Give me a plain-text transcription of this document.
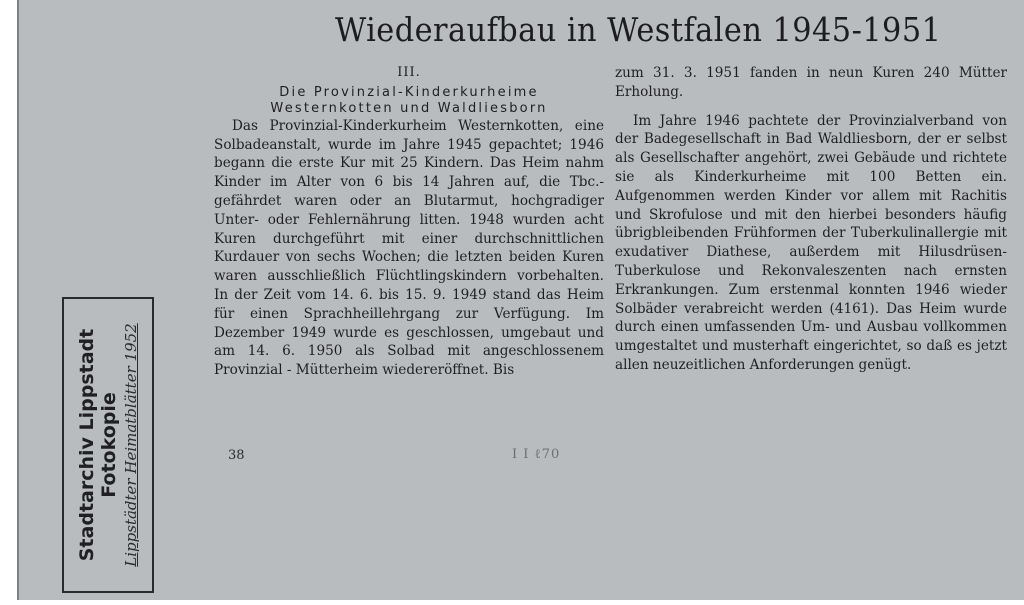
Wiederaufbau in Westfalen 1945-1951
III.
Die Provinzial-Kinderkurheime
Westernkotten und Waldliesborn

Das Provinzial-Kinderkurheim Westernkotten, eine Solbadeanstalt, wurde im Jahre 1945 gepachtet; 1946 begann die erste Kur mit 25 Kindern. Das Heim nahm Kinder im Alter von 6 bis 14 Jahren auf, die Tbc.-gefährdet waren oder an Blutarmut, hochgradiger Unter- oder Fehlernährung litten. 1948 wurden acht Kuren durchgeführt mit einer durchschnittlichen Kurdauer von sechs Wochen; die letzten beiden Kuren waren ausschließlich Flüchtlingskindern vorbehalten. In der Zeit vom 14. 6. bis 15. 9. 1949 stand das Heim für einen Sprachheillehrgang zur Verfügung. Im Dezember 1949 wurde es geschlossen, umgebaut und am 14. 6. 1950 als Solbad mit angeschlossenem Provinzial - Mütterheim wiedereröffnet. Bis

zum 31. 3. 1951 fanden in neun Kuren 240 Mütter Erholung.

Im Jahre 1946 pachtete der Provinzialverband von der Badegesellschaft in Bad Waldliesborn, der er selbst als Gesellschafter angehört, zwei Gebäude und richtete sie als Kinderkurheime mit 100 Betten ein. Aufgenommen werden Kinder vor allem mit Rachitis und Skrofulose und mit den hierbei besonders häufig übrigbleibenden Frühformen der Tuberkulinallergie mit exudativer Diathese, außerdem mit Hilusdrüsen-Tuberkulose und Rekonvaleszenten nach ernsten Erkrankungen. Zum erstenmal konnten 1946 wieder Solbäder verabreicht werden (4161). Das Heim wurde durch einen umfassenden Um- und Ausbau vollkommen umgestaltet und musterhaft eingerichtet, so daß es jetzt allen neuzeitlichen Anforderungen genügt.

38	I I ℓ70
Stadtarchiv Lippstadt Fotokopie Lippstädter Heimatblätter 1952
